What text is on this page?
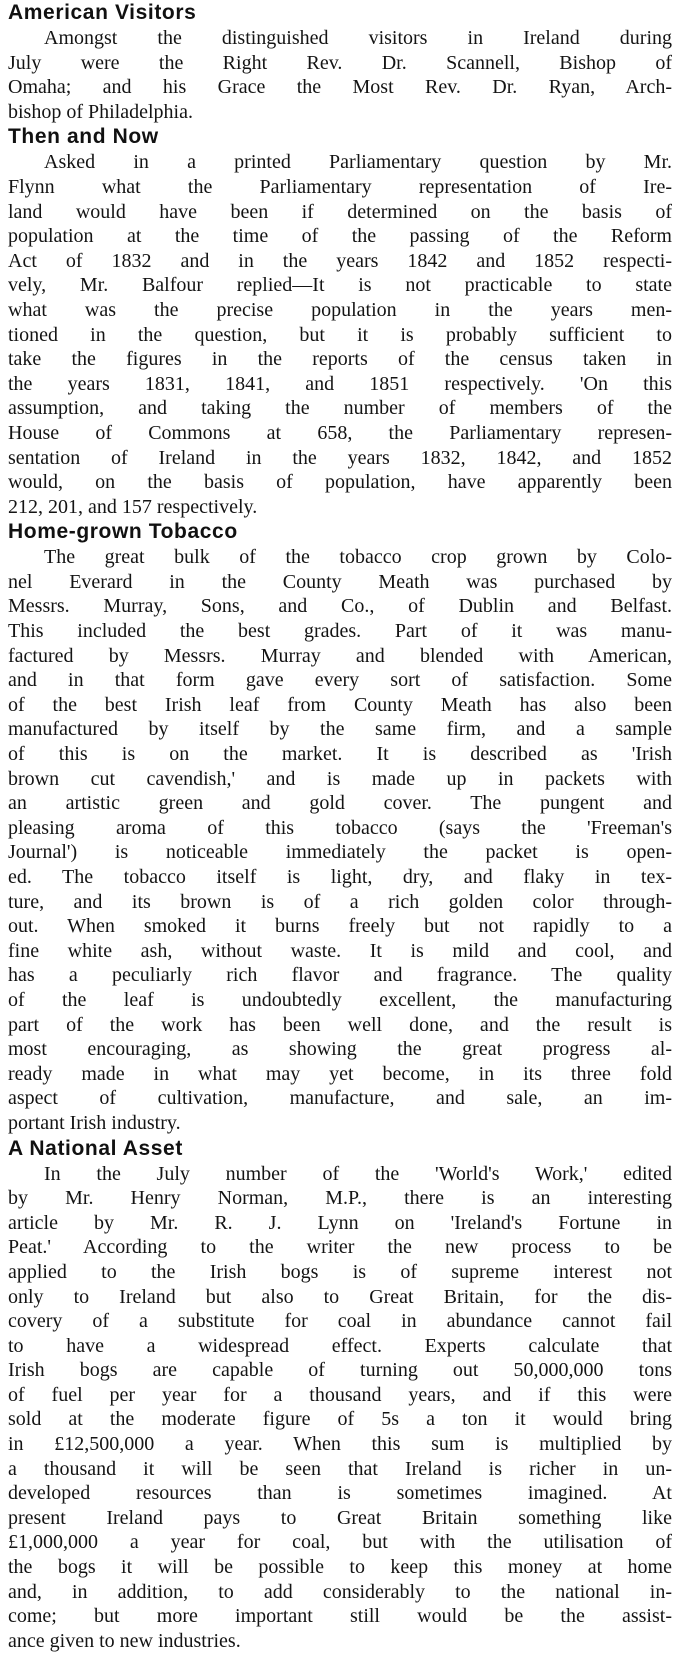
American Visitors
Amongst the distinguished visitors in Ireland during
July were the Right Rev. Dr. Scannell, Bishop of
Omaha; and his Grace the Most Rev. Dr. Ryan, Arch-
bishop of Philadelphia.
Then and Now
Asked in a printed Parliamentary question by Mr.
Flynn what the Parliamentary representation of Ire-
land would have been if determined on the basis of
population at the time of the passing of the Reform
Act of 1832 and in the years 1842 and 1852 respecti-
vely, Mr. Balfour replied—It is not practicable to state
what was the precise population in the years men-
tioned in the question, but it is probably sufficient to
take the figures in the reports of the census taken in
the years 1831, 1841, and 1851 respectively. 'On this
assumption, and taking the number of members of the
House of Commons at 658, the Parliamentary represen-
sentation of Ireland in the years 1832, 1842, and 1852
would, on the basis of population, have apparently been
212, 201, and 157 respectively.
Home-grown Tobacco
The great bulk of the tobacco crop grown by Colo-
nel Everard in the County Meath was purchased by
Messrs. Murray, Sons, and Co., of Dublin and Belfast.
This included the best grades. Part of it was manu-
factured by Messrs. Murray and blended with American,
and in that form gave every sort of satisfaction. Some
of the best Irish leaf from County Meath has also been
manufactured by itself by the same firm, and a sample
of this is on the market. It is described as 'Irish
brown cut cavendish,' and is made up in packets with
an artistic green and gold cover. The pungent and
pleasing aroma of this tobacco (says the 'Freeman's
Journal') is noticeable immediately the packet is open-
ed. The tobacco itself is light, dry, and flaky in tex-
ture, and its brown is of a rich golden color through-
out. When smoked it burns freely but not rapidly to a
fine white ash, without waste. It is mild and cool, and
has a peculiarly rich flavor and fragrance. The quality
of the leaf is undoubtedly excellent, the manufacturing
part of the work has been well done, and the result is
most encouraging, as showing the great progress al-
ready made in what may yet become, in its three fold
aspect of cultivation, manufacture, and sale, an im-
portant Irish industry.
A National Asset
In the July number of the 'World's Work,' edited
by Mr. Henry Norman, M.P., there is an interesting
article by Mr. R. J. Lynn on 'Ireland's Fortune in
Peat.' According to the writer the new process to be
applied to the Irish bogs is of supreme interest not
only to Ireland but also to Great Britain, for the dis-
covery of a substitute for coal in abundance cannot fail
to have a widespread effect. Experts calculate that
Irish bogs are capable of turning out 50,000,000 tons
of fuel per year for a thousand years, and if this were
sold at the moderate figure of 5s a ton it would bring
in £12,500,000 a year. When this sum is multiplied by
a thousand it will be seen that Ireland is richer in un-
developed resources than is sometimes imagined. At
present Ireland pays to Great Britain something like
£1,000,000 a year for coal, but with the utilisation of
the bogs it will be possible to keep this money at home
and, in addition, to add considerably to the national in-
come; but more important still would be the assist-
ance given to new industries.
